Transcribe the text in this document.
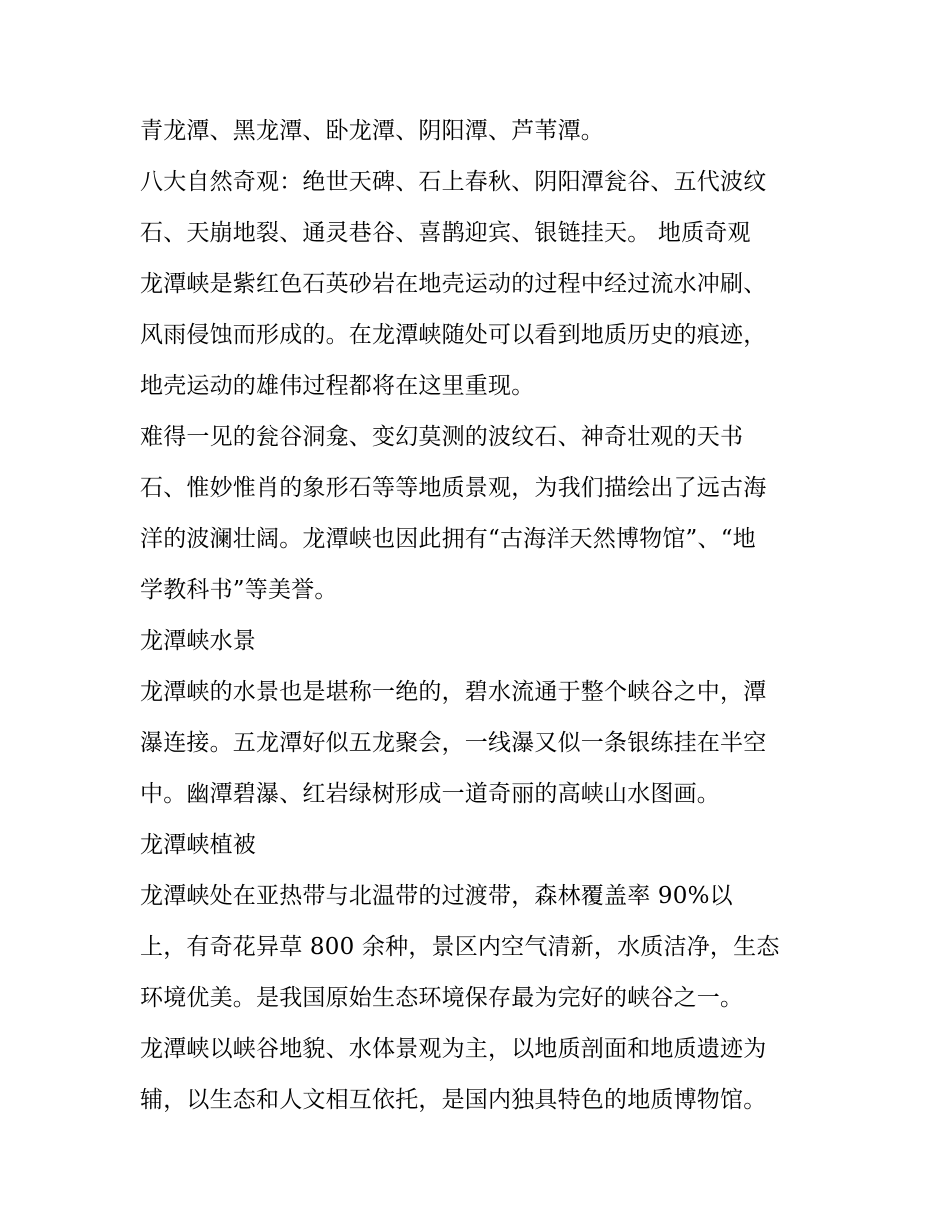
青龙潭、黑龙潭、卧龙潭、阴阳潭、芦苇潭。
八大自然奇观：绝世天碑、石上春秋、阴阳潭瓮谷、五代波纹
石、天崩地裂、通灵巷谷、喜鹊迎宾、银链挂天。 地质奇观
龙潭峡是紫红色石英砂岩在地壳运动的过程中经过流水冲刷、
风雨侵蚀而形成的。在龙潭峡随处可以看到地质历史的痕迹，
地壳运动的雄伟过程都将在这里重现。
难得一见的瓮谷洞龛、变幻莫测的波纹石、神奇壮观的天书
石、惟妙惟肖的象形石等等地质景观，为我们描绘出了远古海
洋的波澜壮阔。龙潭峡也因此拥有“古海洋天然博物馆”、“地
学教科书”等美誉。
龙潭峡水景
龙潭峡的水景也是堪称一绝的，碧水流通于整个峡谷之中，潭
瀑连接。五龙潭好似五龙聚会，一线瀑又似一条银练挂在半空
中。幽潭碧瀑、红岩绿树形成一道奇丽的高峡山水图画。
龙潭峡植被
龙潭峡处在亚热带与北温带的过渡带，森林覆盖率 90%以
上，有奇花异草 800 余种，景区内空气清新，水质洁净，生态
环境优美。是我国原始生态环境保存最为完好的峡谷之一。
龙潭峡以峡谷地貌、水体景观为主，以地质剖面和地质遗迹为
辅，以生态和人文相互依托，是国内独具特色的地质博物馆。
